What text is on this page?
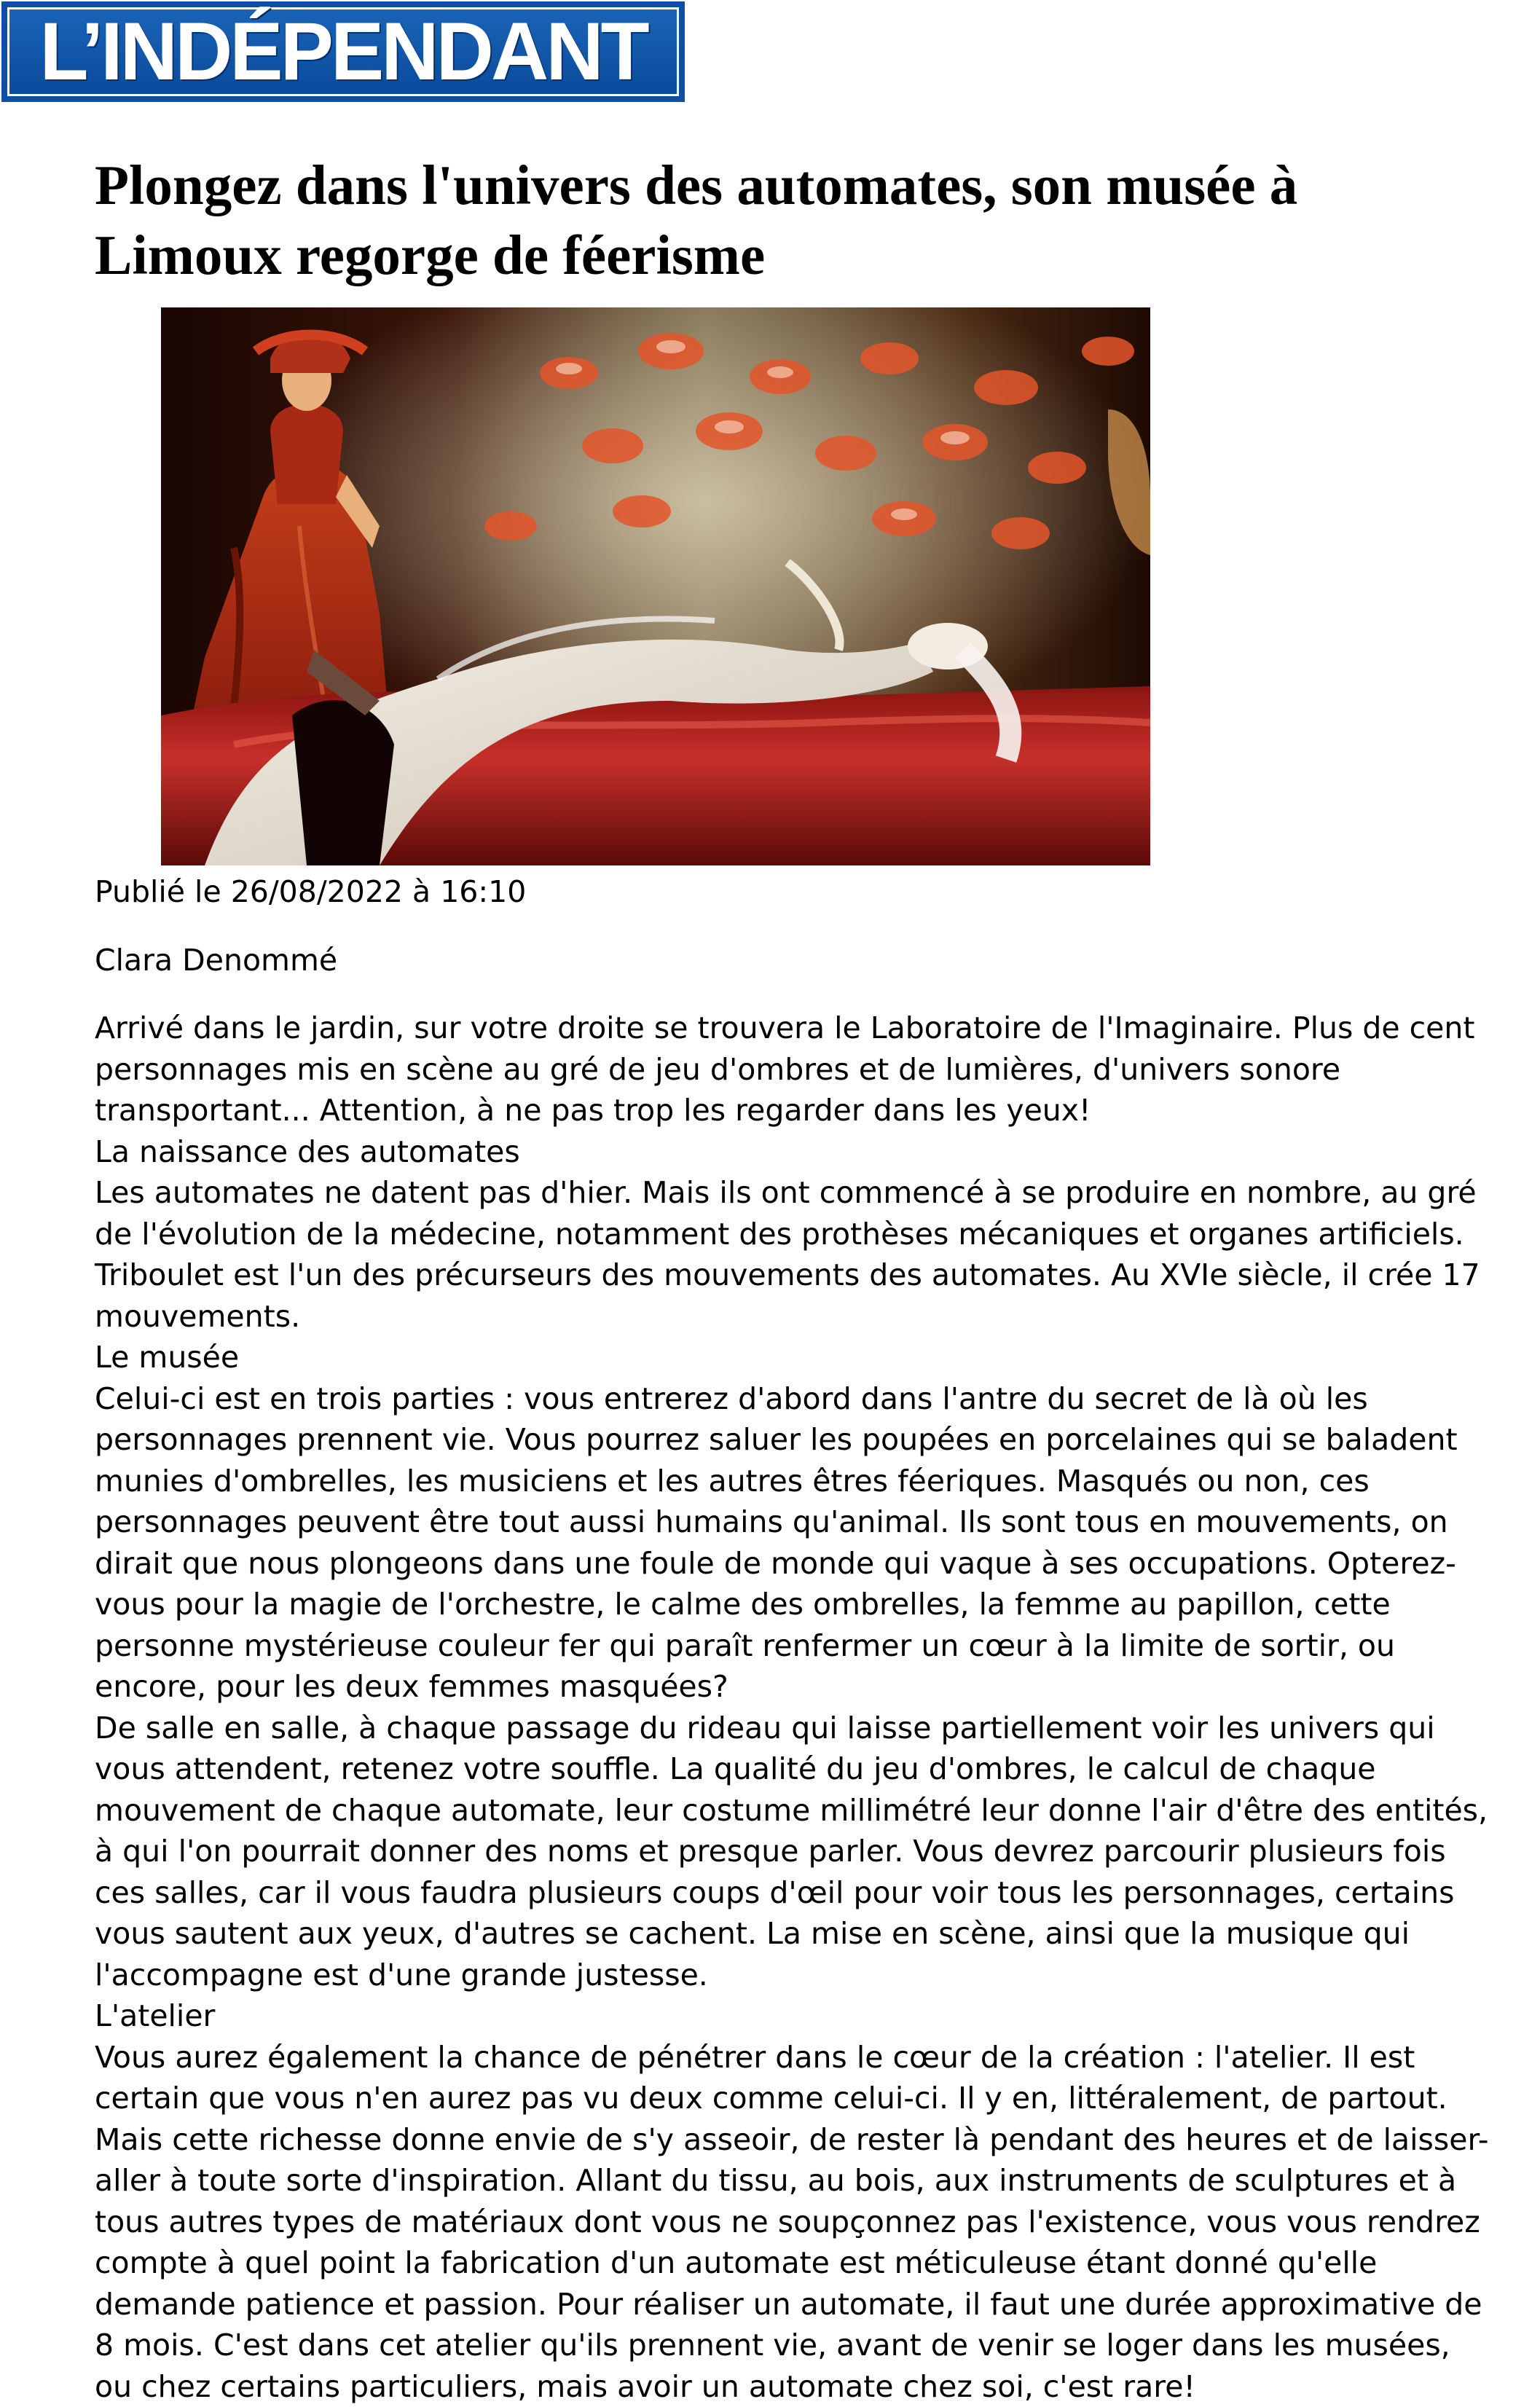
L’INDÉPENDANT
Plongez dans l'univers des automates, son musée à Limoux regorge de féerisme

Publié le 26/08/2022 à 16:10

Clara Denommé

Arrivé dans le jardin, sur votre droite se trouvera le Laboratoire de l'Imaginaire. Plus de cent personnages mis en scène au gré de jeu d'ombres et de lumières, d'univers sonore transportant... Attention, à ne pas trop les regarder dans les yeux!

La naissance des automates

Les automates ne datent pas d'hier. Mais ils ont commencé à se produire en nombre, au gré de l'évolution de la médecine, notamment des prothèses mécaniques et organes artificiels. Triboulet est l'un des précurseurs des mouvements des automates. Au XVIe siècle, il crée 17 mouvements.

Le musée

Celui-ci est en trois parties : vous entrerez d'abord dans l'antre du secret de là où les personnages prennent vie. Vous pourrez saluer les poupées en porcelaines qui se baladent munies d'ombrelles, les musiciens et les autres êtres féeriques. Masqués ou non, ces personnages peuvent être tout aussi humains qu'animal. Ils sont tous en mouvements, on dirait que nous plongeons dans une foule de monde qui vaque à ses occupations. Opterez-vous pour la magie de l'orchestre, le calme des ombrelles, la femme au papillon, cette personne mystérieuse couleur fer qui paraît renfermer un cœur à la limite de sortir, ou encore, pour les deux femmes masquées?

De salle en salle, à chaque passage du rideau qui laisse partiellement voir les univers qui vous attendent, retenez votre souffle. La qualité du jeu d'ombres, le calcul de chaque mouvement de chaque automate, leur costume millimétré leur donne l'air d'être des entités, à qui l'on pourrait donner des noms et presque parler. Vous devrez parcourir plusieurs fois ces salles, car il vous faudra plusieurs coups d'œil pour voir tous les personnages, certains vous sautent aux yeux, d'autres se cachent. La mise en scène, ainsi que la musique qui l'accompagne est d'une grande justesse.

L'atelier

Vous aurez également la chance de pénétrer dans le cœur de la création : l'atelier. Il est certain que vous n'en aurez pas vu deux comme celui-ci. Il y en, littéralement, de partout. Mais cette richesse donne envie de s'y asseoir, de rester là pendant des heures et de laisser-aller à toute sorte d'inspiration. Allant du tissu, au bois, aux instruments de sculptures et à tous autres types de matériaux dont vous ne soupçonnez pas l'existence, vous vous rendrez compte à quel point la fabrication d'un automate est méticuleuse étant donné qu'elle demande patience et passion. Pour réaliser un automate, il faut une durée approximative de 8 mois. C'est dans cet atelier qu'ils prennent vie, avant de venir se loger dans les musées, ou chez certains particuliers, mais avoir un automate chez soi, c'est rare!
